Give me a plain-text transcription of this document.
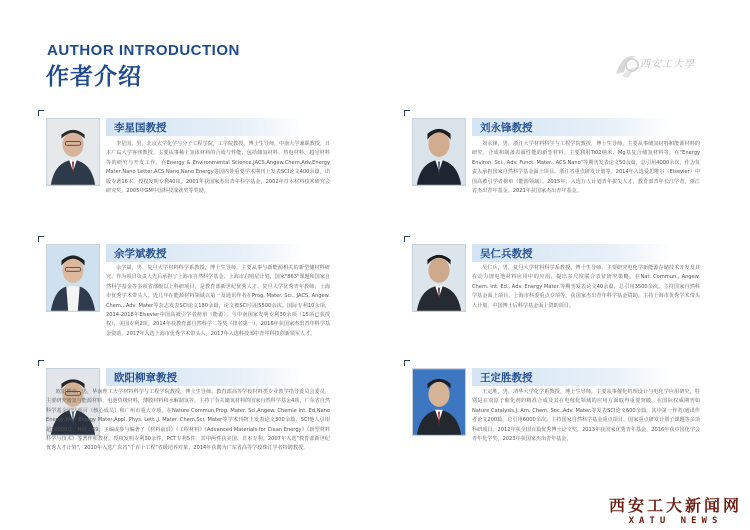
AUTHOR INTRODUCTION
作者介绍	西安工大學
李星国教授
李星国，男，北京大学化学与分子工程学院，工学院教授，博士生导师。中南大学兼职教授，日本广岛大学客座教授。主要从事稀土氢体材料的合成与性能，包括储氢材料、热电材料、超导材料等的研究与开发工作。在Energy & Environmental Science,JACS,Angew.Chem,Adv.Energy Mater,Nano Letter,ACS Nano,Nano Energy等国内外重要学术期刊上发表SCI论文400余篇，出版专著16本，授权发明专利40项。2001年获国家杰出青年科学基金，2002年日本材料技术研究会研究奖，2005年GM中国科技成就奖等奖励。
刘永锋教授
刘永锋，男，浙江大学材料科学与工程学院教授，博士生导师，主要从事储氢材料和能源材料的研究。合成和制备表面性能的新型材料，主要利用Ti02纳米、Mg基复合储氢材料等。在"Energy Environ. Sci., Adv. Funct. Mater., ACS Nano"等期刊发表论文50余篇，总引用4000余次，作为负责人承担国家自然科学基金面上项目、浙江省重点研发计划等。2014年入选爱思唯尔（Elsevier）中国高被引学者榜单（能源领域）。2015年，入选万人计划青年拔尖人才，教育部青年长江学者，浙江省杰出青年基金。2021年获国家杰出青年基金。
余学斌教授
余学斌，男，复旦大学材料科学系教授，博士生导师，主要从事与新能源相关的新型储材料研究。作为项目负责人先后承担了上海市自然科学基金、上海市启明星计划、国家"863"课题和国家自然科学基金等多项省部级以上科研项目，是教育部新世纪优秀人才、复旦大学优秀青年教师、上海市优秀学术带头人。近几年在能源材料领域以第一及通讯作者在Prog. Mater. Sci., JACS, Angew. Chem., Adv. Mater等杂志发表SCI论文180余篇，论文被SCI引用5500余次。国际专利10余项，2014-2018年Elsevier中国高被引学者榜单（能源）。与中南国家发明专利30余项（15项已获授权），美国专利2项。2014年获教育部自然科学二等奖（排名第一），2016年获国家杰出青年科学基金资助。2017年入选上海市优秀学术带头人。2017年入选科技部中青年科技创新领军人才。
吴仁兵教授
吴仁兵，男，复旦大学材料科学系教授，博士生导师。主要研究电化学新能源存储技术开发及其在动力锂电池材料应用中的应用，提出多尺度联合表征研究策略。在Nat. Commun., Angew. Chem. Int. Ed., Adv. Energy Mater.等期刊发表论文40余篇，总引用3500余次。主持国家自然科学基金面上项目、上海市科委重点专项等，获国家杰出青年科学基金资助。主持上海市优秀学术带头人计划，中国博士后科学基金面上资助项目。
欧阳柳章教授
欧阳柳章，男，华南理工大学材料科学与工程学院教授，博士生导师。教育部高等学校材料类专业教学指导委员会委员，主要研究储氢与能源材料，电池负极材料，薄膜材料和水解制氢等。主持了有关储氢材料的国家自然科学基金4项，广东省自然科学基金团队项目（核心成员）和广州市重大专项。在Nature Commun,Prog. Mater. Sci,Angew. Chemie Int. Ed,Nano Energy,Adv. Energy Mater,Appl. Phys. Lett.,J. Mater. Chem,Scr. Mater等学术刊物上发表论文300余篇，SCI他人引用超10000次，H因子69。主编或参与编著了《材料前沿》《工程材料》《Advanced Materials for Clean Energy》《新型材料科学与技术》等著作和教材。授权发明专利30余件，PCT专利5件，其中两件获美国、日本专利。2007年入选"教育部新世纪优秀人才计划"，2010年入选广东省"千百十工程"省级培养对象，2014年获聘为广东省高等学校珠江学者特聘教授。
王定胜教授
王定胜，男，清华大学化学系教授，博士生导师。主要从事催化机理设计与电化学应用研究，特别是在双原子催化剂的精准合成及其在电催化领域的应用方面取得重要突破。在国际权威期刊如Nature Catalysis,J. Am. Chem. Soc.,Adv. Mater.等发表SCI论文600余篇，其中第一作者/通讯作者论文200篇，总引用6000余次。主持国家自然科学基金重点项目、国家重点研发计划子课题等多项科研项目。2012年获全国百篇优秀博士论文奖，2013年获国家优秀青年基金，2016年获中国化学会青年化学奖，2023年获国家杰出青年基金。
西安工大新闻网
XATU NEWS
